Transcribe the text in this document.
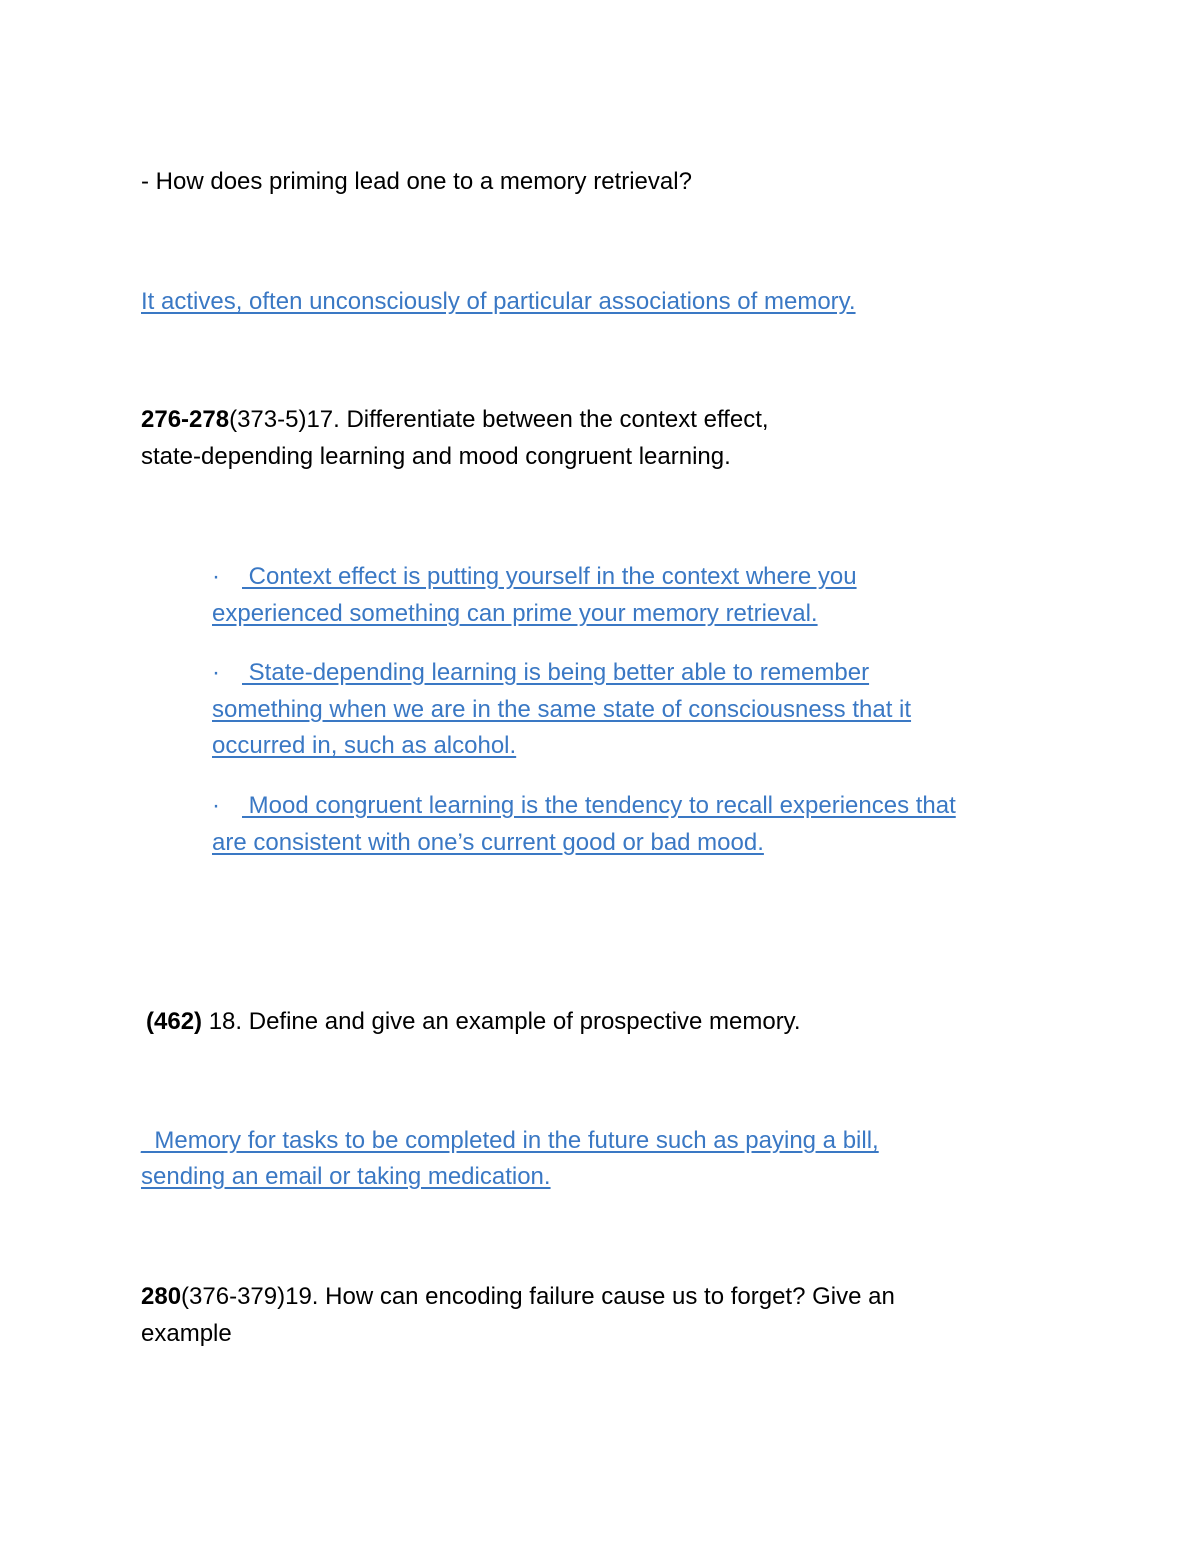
- How does priming lead one to a memory retrieval?
It actives, often unconsciously of particular associations of memory.
276-278(373-5)17. Differentiate between the context effect,
state-depending learning and mood congruent learning.
· Context effect is putting yourself in the context where you
experienced something can prime your memory retrieval.
· State-depending learning is being better able to remember
something when we are in the same state of consciousness that it
occurred in, such as alcohol.
· Mood congruent learning is the tendency to recall experiences that
are consistent with one’s current good or bad mood.
(462) 18. Define and give an example of prospective memory.
_Memory for tasks to be completed in the future such as paying a bill,
sending an email or taking medication.
280(376-379)19. How can encoding failure cause us to forget? Give an
example
